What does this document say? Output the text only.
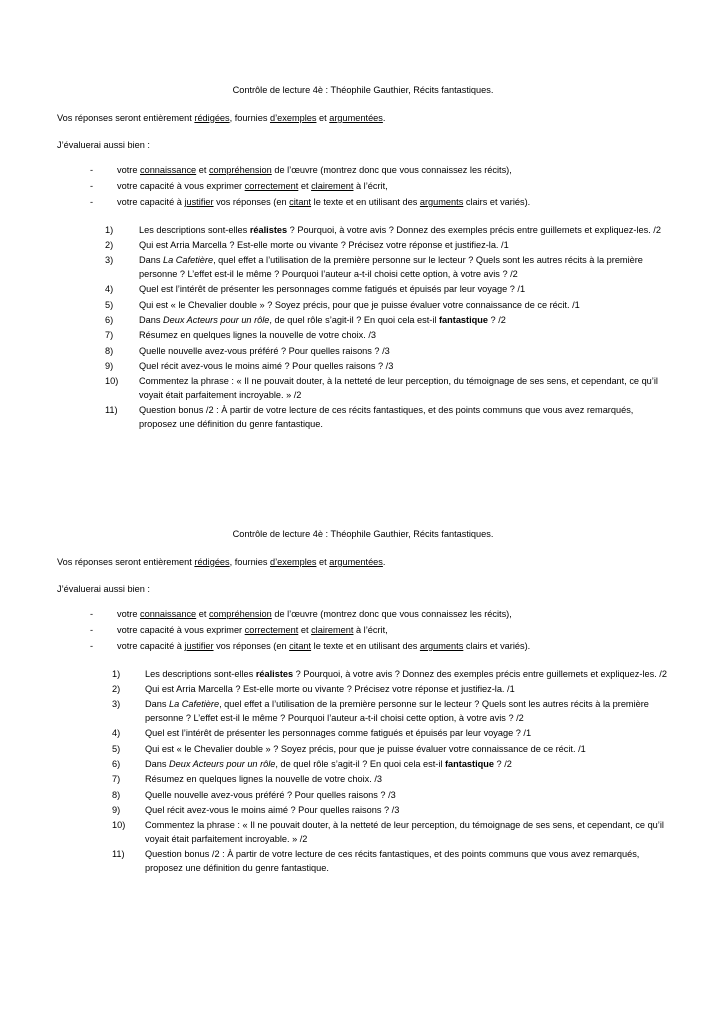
Contrôle de lecture 4è : Théophile Gauthier, Récits fantastiques.

Vos réponses seront entièrement rédigées, fournies d’exemples et argumentées.

J’évaluerai aussi bien :

-	votre connaissance et compréhension de l’œuvre (montrez donc que vous connaissez les récits),
-	votre capacité à vous exprimer correctement et clairement à l’écrit,
-	votre capacité à justifier vos réponses (en citant le texte et en utilisant des arguments clairs et variés).
1)	Les descriptions sont-elles réalistes ? Pourquoi, à votre avis ? Donnez des exemples précis entre guillemets et expliquez-les. /2
2)	Qui est Arria Marcella ? Est-elle morte ou vivante ? Précisez votre réponse et justifiez-la. /1
3)	Dans La Cafetière, quel effet a l’utilisation de la première personne sur le lecteur ? Quels sont les autres récits à la première personne ? L’effet est-il le même ? Pourquoi l’auteur a-t-il choisi cette option, à votre avis ? /2
4)	Quel est l’intérêt de présenter les personnages comme fatigués et épuisés par leur voyage ? /1
5)	Qui est « le Chevalier double » ? Soyez précis, pour que je puisse évaluer votre connaissance de ce récit. /1
6)	Dans Deux Acteurs pour un rôle, de quel rôle s’agit-il ? En quoi cela est-il fantastique ? /2
7)	Résumez en quelques lignes la nouvelle de votre choix. /3
8)	Quelle nouvelle avez-vous préféré ? Pour quelles raisons ? /3
9)	Quel récit avez-vous le moins aimé ? Pour quelles raisons ? /3
10)	Commentez la phrase : « Il ne pouvait douter, à la netteté de leur perception, du témoignage de ses sens, et cependant, ce qu’il voyait était parfaitement incroyable. » /2
11)	Question bonus /2 : À partir de votre lecture de ces récits fantastiques, et des points communs que vous avez remarqués, proposez une définition du genre fantastique.

Contrôle de lecture 4è : Théophile Gauthier, Récits fantastiques.

Vos réponses seront entièrement rédigées, fournies d’exemples et argumentées.

J’évaluerai aussi bien :

-	votre connaissance et compréhension de l’œuvre (montrez donc que vous connaissez les récits),
-	votre capacité à vous exprimer correctement et clairement à l’écrit,
-	votre capacité à justifier vos réponses (en citant le texte et en utilisant des arguments clairs et variés).
1)	Les descriptions sont-elles réalistes ? Pourquoi, à votre avis ? Donnez des exemples précis entre guillemets et expliquez-les. /2
2)	Qui est Arria Marcella ? Est-elle morte ou vivante ? Précisez votre réponse et justifiez-la. /1
3)	Dans La Cafetière, quel effet a l’utilisation de la première personne sur le lecteur ? Quels sont les autres récits à la première personne ? L’effet est-il le même ? Pourquoi l’auteur a-t-il choisi cette option, à votre avis ? /2
4)	Quel est l’intérêt de présenter les personnages comme fatigués et épuisés par leur voyage ? /1
5)	Qui est « le Chevalier double » ? Soyez précis, pour que je puisse évaluer votre connaissance de ce récit. /1
6)	Dans Deux Acteurs pour un rôle, de quel rôle s’agit-il ? En quoi cela est-il fantastique ? /2
7)	Résumez en quelques lignes la nouvelle de votre choix. /3
8)	Quelle nouvelle avez-vous préféré ? Pour quelles raisons ? /3
9)	Quel récit avez-vous le moins aimé ? Pour quelles raisons ? /3
10)	Commentez la phrase : « Il ne pouvait douter, à la netteté de leur perception, du témoignage de ses sens, et cependant, ce qu’il voyait était parfaitement incroyable. » /2
11)	Question bonus /2 : À partir de votre lecture de ces récits fantastiques, et des points communs que vous avez remarqués, proposez une définition du genre fantastique.
